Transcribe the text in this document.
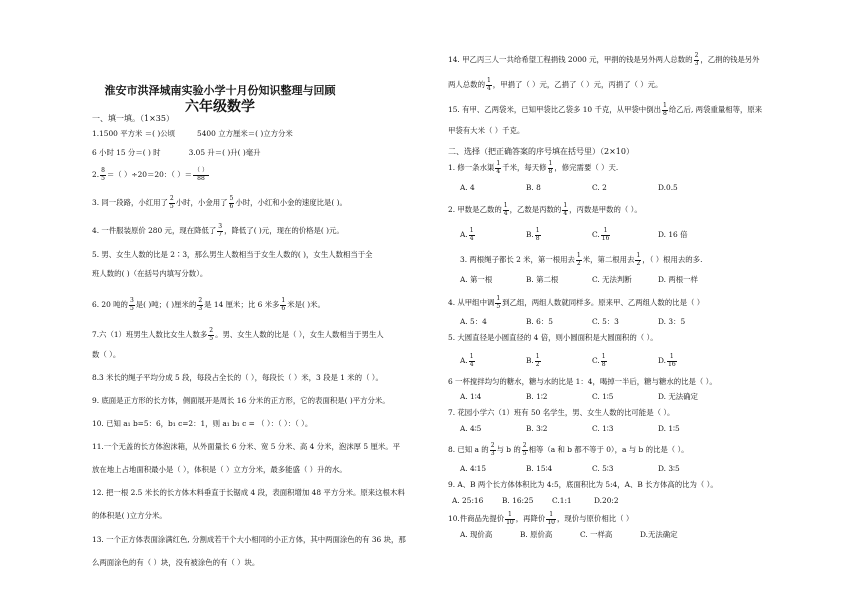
淮安市洪泽城南实验小学十月份知识整理与回顾
六年级数学
一、填一填。（1×35）
1.1500 平方米 ＝( )公顷	5400 立方厘米＝( )立方分米
6 小时 15 分＝( ) 时	3.05 升＝( )升( )毫升
2. $\frac{8}{5}$ ＝（ ）÷20＝20：（ ）＝ $\frac{( )}{88}$
3. 同一段路，小红用了 $\frac{2}{5}$ 小时，小金用了 $\frac{5}{6}$ 小时，小红和小金的速度比是( )。
4. 一件服装原价 280 元，现在降低了 $\frac{3}{7}$ ，降低了( )元，现在的价格是( )元。
5. 男、女生人数的比是 2∶3，那么男生人数相当于女生人数的( )，女生人数相当于全
班人数的( )（在括号内填写分数）。
6. 20 吨的 $\frac{3}{5}$ 是( )吨；( )厘米的 $\frac{2}{3}$ 是 14 厘米；比 6 米多 $\frac{1}{6}$ 米是( )米。
7.六（1）班男生人数比女生人数多 $\frac{2}{5}$ 。男、女生人数的比是（ ），女生人数相当于男生人
数（ ）。
8.3 米长的绳子平均分成 5 段，每段占全长的（ ），每段长（ ）米，3 段是 1 米的（ ）。
9. 底面是正方形的长方体，侧面展开是周长 16 分米的正方形，它的表面积是( )平方分米。
10. 已知 a₁ b=5：6，b₁ c=2：1，则 a₁ b₁ c = （ ）：（ ）：（ ）。
11.一个无盖的长方体泡沫箱，从外面量长 6 分米、宽 5 分米、高 4 分米，泡沫厚 5 厘米。平
放在地上占地面积最小是（ ），体积是（ ）立方分米，最多能盛（ ）升的水。
12. 把一根 2.5 米长的长方体木料垂直于长锯成 4 段，表面积增加 48 平方分米。原来这根木料
的体积是( )立方分米。
13. 一个正方体表面涂满红色, 分割成若干个大小相同的小正方体，其中两面涂色的有 36 块，那
么两面涂色的有（ ）块，没有被涂色的有（ ）块。
14. 甲乙丙三人一共给希望工程捐钱 2000 元，甲捐的钱是另外两人总数的 $\frac{2}{3}$ ，乙捐的钱是另外
两人总数的 $\frac{1}{4}$ ，甲捐了（ ）元，乙捐了（ ）元，丙捐了（ ）元。
15. 有甲、乙两袋米，已知甲袋比乙袋多 10 千克，从甲袋中倒出 $\frac{1}{8}$ 给乙后, 两袋重量相等，原来
甲袋有大米（ ）千克。
二、选择（把正确答案的序号填在括号里）（2×10）
1. 修一条水渠 $\frac{1}{4}$ 千米，每天修 $\frac{1}{8}$ ，修完需要（ ）天.
A. 4	B. 8	C. 2	D.0.5
2. 甲数是乙数的 $\frac{1}{4}$ ，乙数是丙数的 $\frac{1}{4}$ ，丙数是甲数的（ ）。
A. $\frac{1}{4}$	B. $\frac{1}{8}$	C. $\frac{1}{16}$	D. 16 倍
3. 两根绳子都长 2 米，第一根用去 $\frac{1}{2}$ 米，第二根用去 $\frac{1}{2}$ ，（ ）根用去的多.
A. 第一根	B. 第二根	C. 无法判断	D. 两根一样
4. 从甲组中调 $\frac{1}{5}$ 到乙组，两组人数就同样多。原来甲、乙两组人数的比是（ ）
A. 5：4	B. 6：5	C. 5：3	D. 3：5
5. 大圆直径是小圆直径的 4 倍，则小圆面积是大圆面积的（ ）。
A. $\frac{1}{4}$	B. $\frac{1}{2}$	C. $\frac{1}{8}$	D. $\frac{1}{16}$
6 一杯搅拌均匀的糖水，糖与水的比是 1：4，喝掉一半后，糖与糖水的比是（ ）。
A. 1∶4	B. 1∶2	C. 1∶5	D. 无法确定
7. 花园小学六（1）班有 50 名学生，男、女生人数的比可能是（ ）。
A. 4∶5	B. 3∶2	C. 1∶3	D. 1∶5
8. 已知 a 的 $\frac{2}{3}$ 与 b 的 $\frac{2}{5}$ 相等（a 和 b 都不等于 0），a 与 b 的比是（ ）。
A. 4∶15	B. 15∶4	C. 5∶3	D. 3∶5
9. A、B 两个长方体体积比为 4:5，底面积比为 5:4，A、B 长方体高的比为（ ）。
A. 25:16	B. 16:25	C.1:1	D.20:2
10.件商品先提价 $\frac{1}{10}$ ，再降价 $\frac{1}{10}$ ，现价与原价相比（ ）
A. 现价高	B. 原价高	C. 一样高	D.无法确定
